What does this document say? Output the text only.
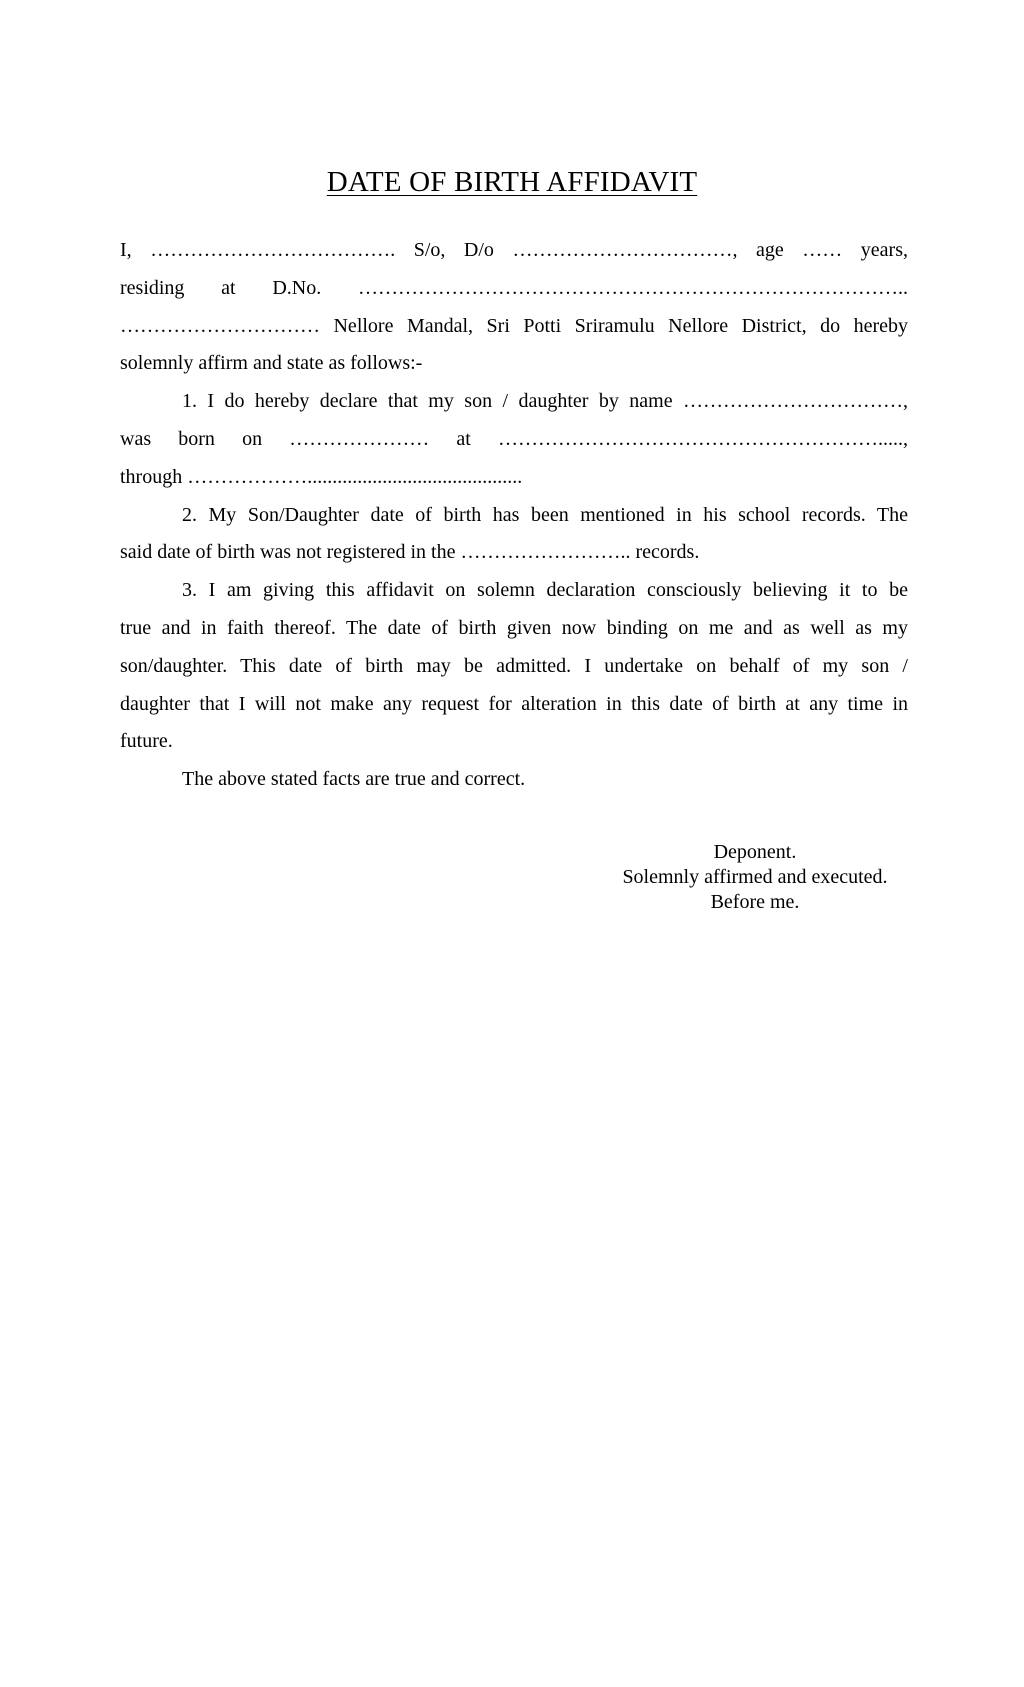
DATE OF BIRTH AFFIDAVIT

I, ………………………………. S/o, D/o ……………………………, age …… years,
residing at D.No. ………………………………………………………………………..
………………………… Nellore Mandal, Sri Potti Sriramulu Nellore District, do hereby
solemnly affirm and state as follows:-

1. I do hereby declare that my son / daughter by name ……………………………,
was born on ………………… at ………………………………………………….....,
through ………………...........................................

2. My Son/Daughter date of birth has been mentioned in his school records. The
said date of birth was not registered in the …………………….. records.

3. I am giving this affidavit on solemn declaration consciously believing it to be
true and in faith thereof. The date of birth given now binding on me and as well as my
son/daughter. This date of birth may be admitted. I undertake on behalf of my son /
daughter that I will not make any request for alteration in this date of birth at any time in
future.

The above stated facts are true and correct.

Deponent.
Solemnly affirmed and executed.
Before me.
